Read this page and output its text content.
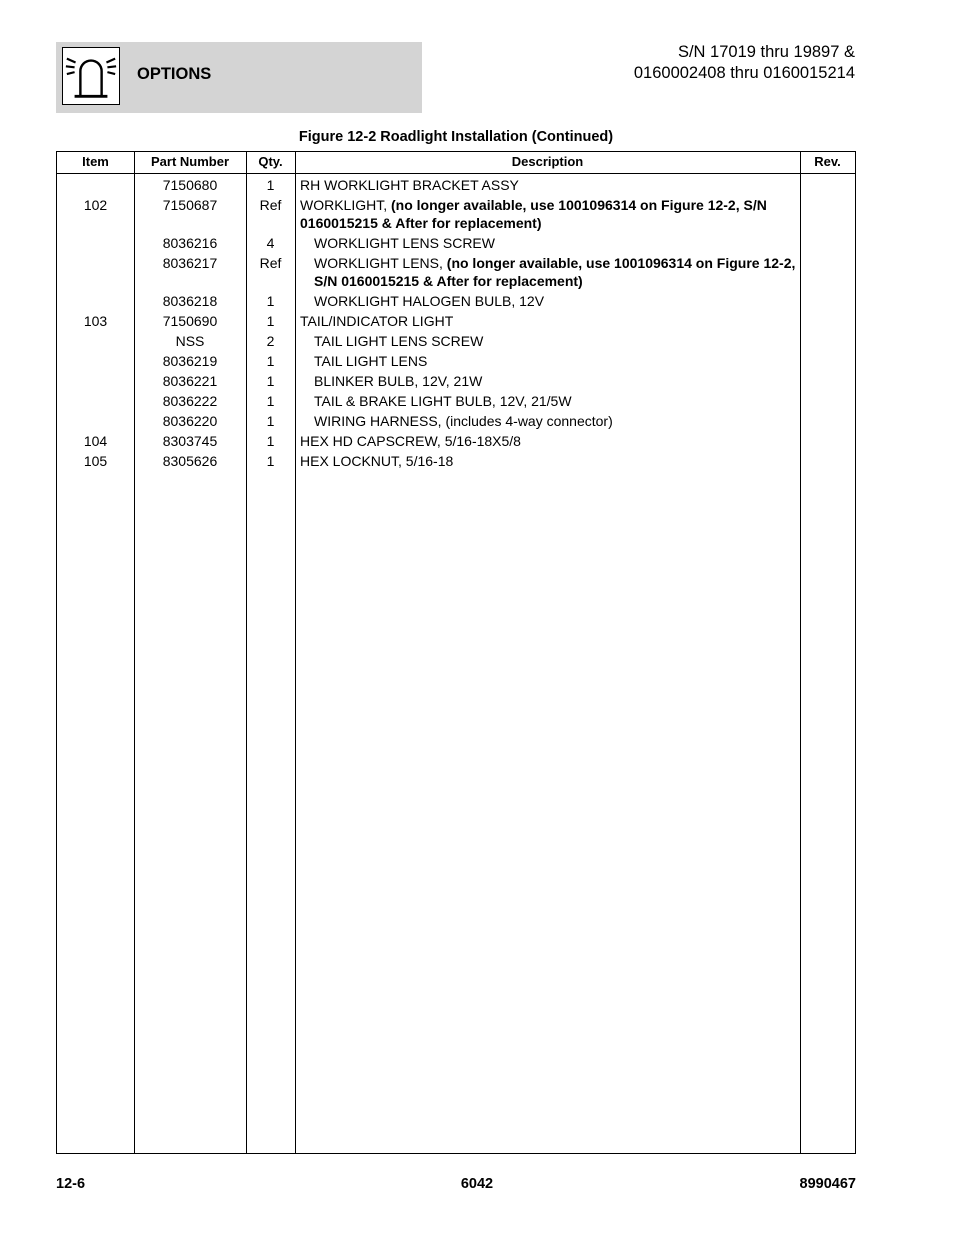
OPTIONS
S/N 17019 thru 19897 &
0160002408 thru 0160015214
Figure 12-2 Roadlight Installation (Continued)
Item	Part Number	Qty.	Description	Rev.
7150680	1	RH WORKLIGHT BRACKET ASSY
102	7150687	Ref	WORKLIGHT, (no longer available, use 1001096314 on Figure 12-2, S/N 0160015215 & After for replacement)
8036216	4	WORKLIGHT LENS SCREW
8036217	Ref	WORKLIGHT LENS, (no longer available, use 1001096314 on Figure 12-2, S/N 0160015215 & After for replacement)
8036218	1	WORKLIGHT HALOGEN BULB, 12V
103	7150690	1	TAIL/INDICATOR LIGHT
NSS	2	TAIL LIGHT LENS SCREW
8036219	1	TAIL LIGHT LENS
8036221	1	BLINKER BULB, 12V, 21W
8036222	1	TAIL & BRAKE LIGHT BULB, 12V, 21/5W
8036220	1	WIRING HARNESS, (includes 4-way connector)
104	8303745	1	HEX HD CAPSCREW, 5/16-18X5/8
105	8305626	1	HEX LOCKNUT, 5/16-18
12-6	6042	8990467
